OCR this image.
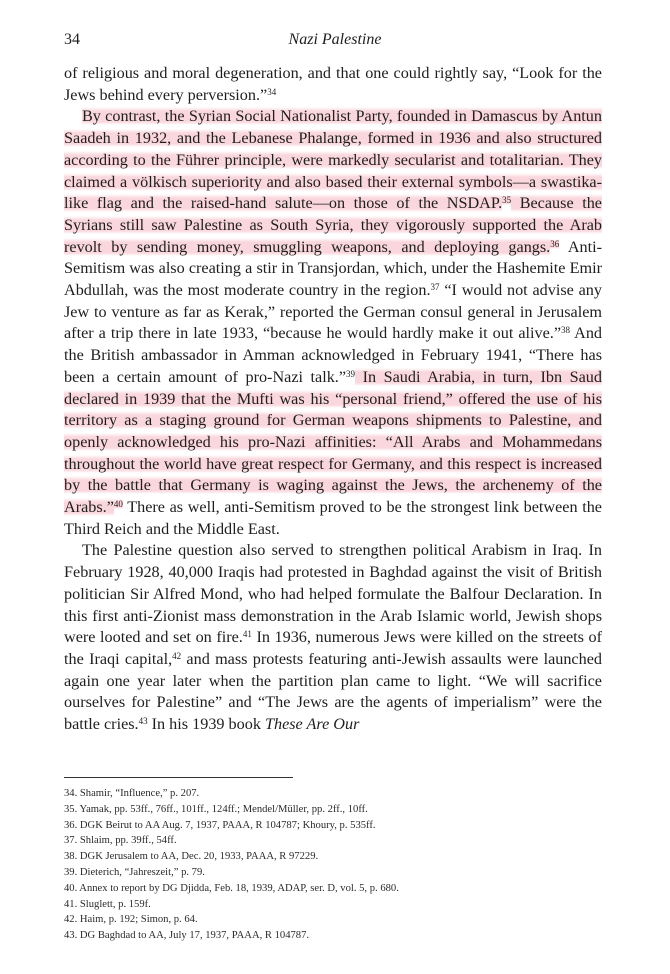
34	Nazi Palestine

of religious and moral degeneration, and that one could rightly say, “Look for the Jews behind every perversion.”$^{34}$

By contrast, the Syrian Social Nationalist Party, founded in Damascus by Antun Saadeh in 1932, and the Lebanese Phalange, formed in 1936 and also structured according to the Führer principle, were markedly secularist and totalitarian. They claimed a völkisch superiority and also based their external symbols—a swastika-like flag and the raised-hand salute—on those of the NSDAP.$^{35}$ Because the Syrians still saw Palestine as South Syria, they vigorously supported the Arab revolt by sending money, smuggling weapons, and deploying gangs.$^{36}$ Anti-Semitism was also creating a stir in Transjordan, which, under the Hashemite Emir Abdullah, was the most moderate country in the region.$^{37}$ “I would not advise any Jew to venture as far as Kerak,” reported the German consul general in Jerusalem after a trip there in late 1933, “because he would hardly make it out alive.”$^{38}$ And the British ambassador in Amman acknowledged in February 1941, “There has been a certain amount of pro-Nazi talk.”$^{39}$ In Saudi Arabia, in turn, Ibn Saud declared in 1939 that the Mufti was his “personal friend,” offered the use of his territory as a staging ground for German weapons shipments to Palestine, and openly acknowledged his pro-Nazi affinities: “All Arabs and Mohammedans throughout the world have great respect for Germany, and this respect is increased by the battle that Germany is waging against the Jews, the archenemy of the Arabs.”$^{40}$ There as well, anti-Semitism proved to be the strongest link between the Third Reich and the Middle East.

The Palestine question also served to strengthen political Arabism in Iraq. In February 1928, 40,000 Iraqis had protested in Baghdad against the visit of British politician Sir Alfred Mond, who had helped formulate the Balfour Declaration. In this first anti-Zionist mass demonstration in the Arab Islamic world, Jewish shops were looted and set on fire.$^{41}$ In 1936, numerous Jews were killed on the streets of the Iraqi capital,$^{42}$ and mass protests featuring anti-Jewish assaults were launched again one year later when the partition plan came to light. “We will sacrifice ourselves for Palestine” and “The Jews are the agents of imperialism” were the battle cries.$^{43}$ In his 1939 book These Are Our

34. Shamir, “Influence,” p. 207.
35. Yamak, pp. 53ff., 76ff., 101ff., 124ff.; Mendel/Müller, pp. 2ff., 10ff.
36. DGK Beirut to AA Aug. 7, 1937, PAAA, R 104787; Khoury, p. 535ff.
37. Shlaim, pp. 39ff., 54ff.
38. DGK Jerusalem to AA, Dec. 20, 1933, PAAA, R 97229.
39. Dieterich, “Jahreszeit,” p. 79.
40. Annex to report by DG Djidda, Feb. 18, 1939, ADAP, ser. D, vol. 5, p. 680.
41. Sluglett, p. 159f.
42. Haim, p. 192; Simon, p. 64.
43. DG Baghdad to AA, July 17, 1937, PAAA, R 104787.
